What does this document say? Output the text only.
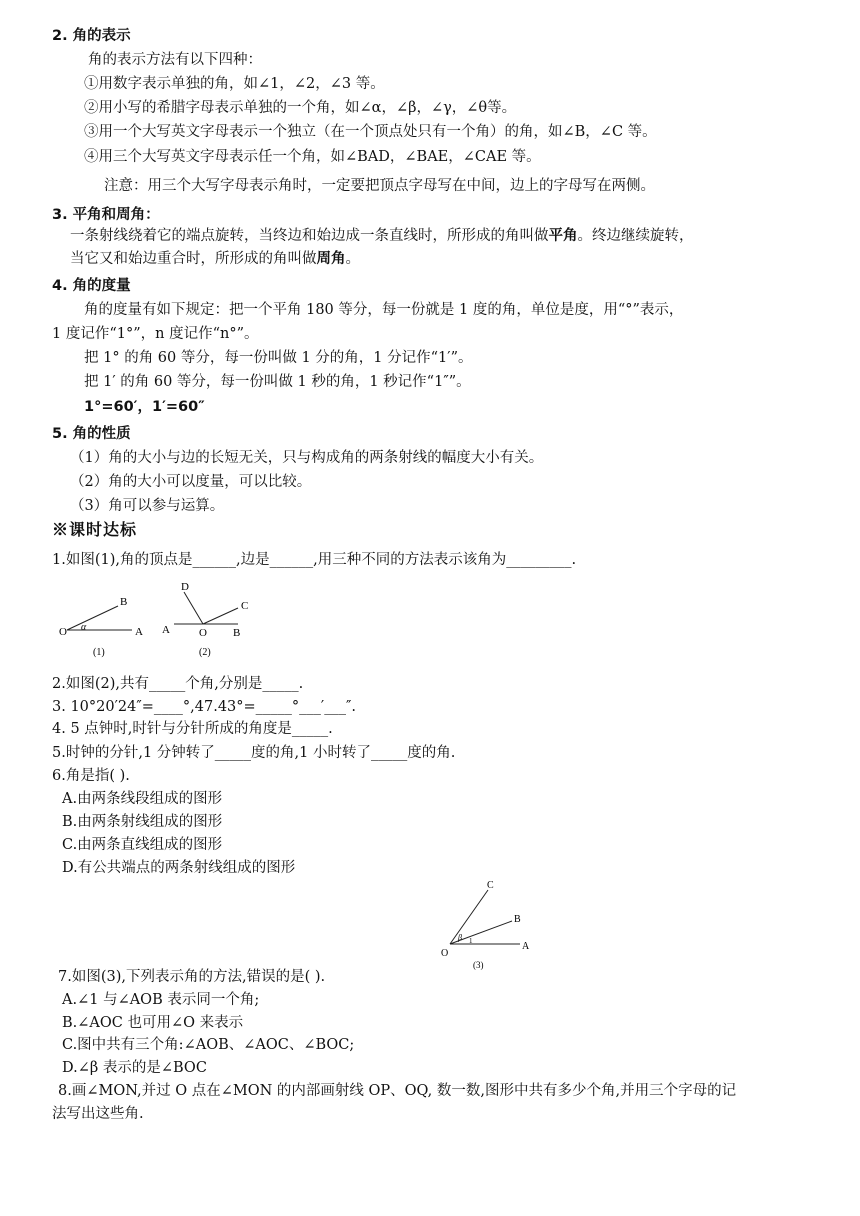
2. 角的表示
角的表示方法有以下四种：
①用数字表示单独的角，如∠1，∠2，∠3 等。
②用小写的希腊字母表示单独的一个角，如∠α，∠β，∠γ，∠θ等。
③用一个大写英文字母表示一个独立（在一个顶点处只有一个角）的角，如∠B，∠C 等。
④用三个大写英文字母表示任一个角，如∠BAD，∠BAE，∠CAE 等。
注意：用三个大写字母表示角时，一定要把顶点字母写在中间，边上的字母写在两侧。
3. 平角和周角：
一条射线绕着它的端点旋转，当终边和始边成一条直线时，所形成的角叫做平角。终边继续旋转，
当它又和始边重合时，所形成的角叫做周角。
4. 角的度量
角的度量有如下规定：把一个平角 180 等分，每一份就是 1 度的角，单位是度，用“°”表示，
1 度记作“1°”，n 度记作“n°”。
把 1° 的角 60 等分，每一份叫做 1 分的角，1 分记作“1′”。
把 1′ 的角 60 等分，每一份叫做 1 秒的角，1 秒记作“1″”。
1°=60′，1′=60″
5. 角的性质
（1）角的大小与边的长短无关，只与构成角的两条射线的幅度大小有关。
（2）角的大小可以度量，可以比较。
（3）角可以参与运算。
※课时达标
1.如图(1),角的顶点是______,边是______,用三种不同的方法表示该角为_________.
O	A
B
α
(1)
D
C
A	O B
(2)
2.如图(2),共有_____个角,分别是_____.
3. 10°20′24″=____°,47.43°=_____°___′___″.
4. 5 点钟时,时针与分针所成的角度是_____.
5.时钟的分针,1 分钟转了_____度的角,1 小时转了_____度的角.
6.角是指( ).
A.由两条线段组成的图形
B.由两条射线组成的图形
C.由两条直线组成的图形
D.有公共端点的两条射线组成的图形
C
B
A
O
β 1
(3)
7.如图(3),下列表示角的方法,错误的是( ).
A.∠1 与∠AOB 表示同一个角;
B.∠AOC 也可用∠O 来表示
C.图中共有三个角:∠AOB、∠AOC、∠BOC;
D.∠β 表示的是∠BOC
8.画∠MON,并过 O 点在∠MON 的内部画射线 OP、OQ, 数一数,图形中共有多少个角,并用三个字母的记
法写出这些角.
